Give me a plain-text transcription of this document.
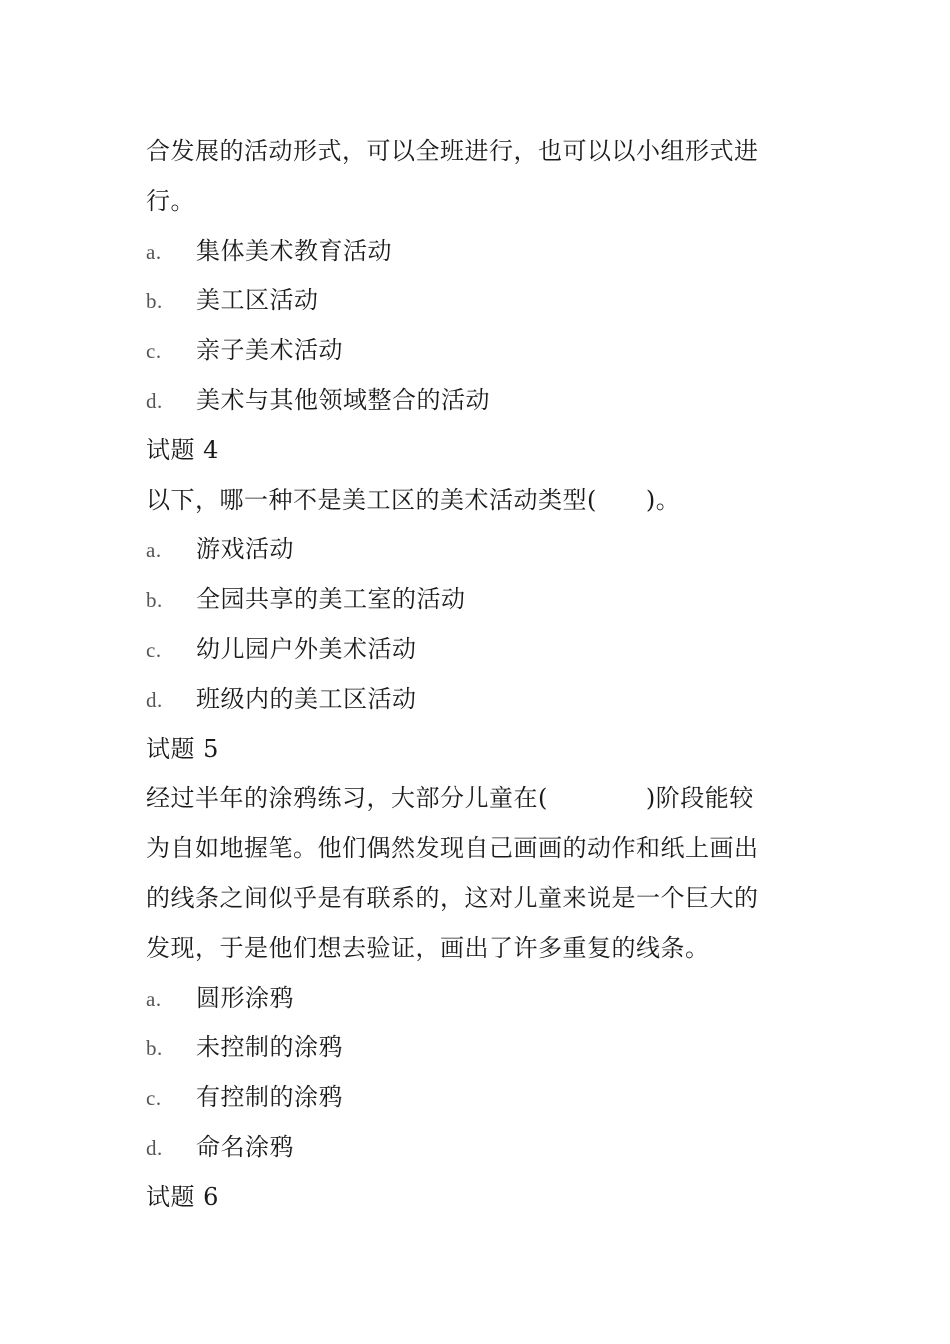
合发展的活动形式，可以全班进行，也可以以小组形式进
行。
a.	集体美术教育活动
b.	美工区活动
c.	亲子美术活动
d.	美术与其他领域整合的活动
试题 4
以下，哪一种不是美工区的美术活动类型(　　)。
a.	游戏活动
b.	全园共享的美工室的活动
c.	幼儿园户外美术活动
d.	班级内的美工区活动
试题 5
经过半年的涂鸦练习，大部分儿童在(　　　　)阶段能较
为自如地握笔。他们偶然发现自己画画的动作和纸上画出
的线条之间似乎是有联系的，这对儿童来说是一个巨大的
发现，于是他们想去验证，画出了许多重复的线条。
a.	圆形涂鸦
b.	未控制的涂鸦
c.	有控制的涂鸦
d.	命名涂鸦
试题 6
